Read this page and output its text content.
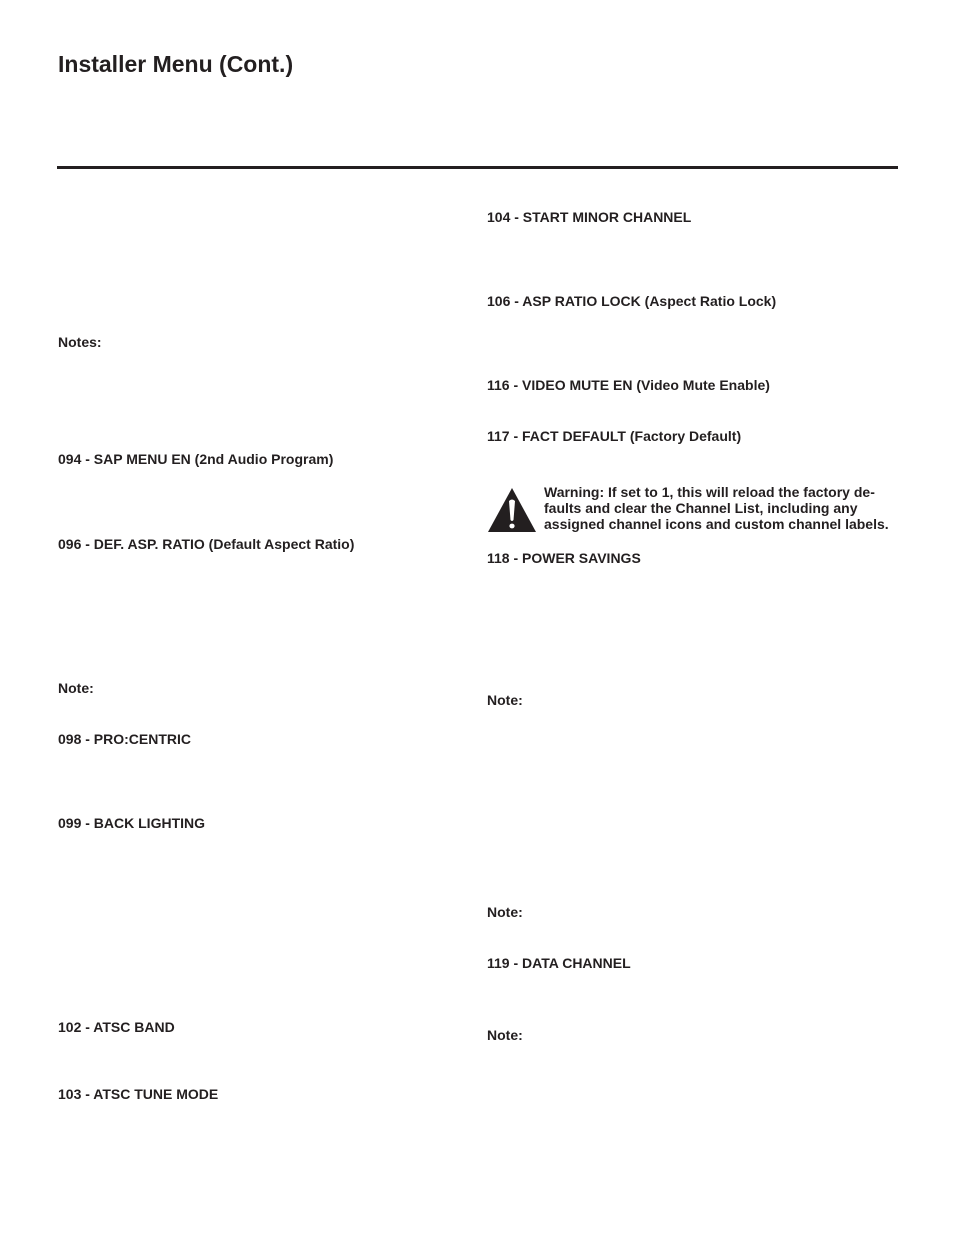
Installer Menu (Cont.)
Notes:
094 - SAP MENU EN (2nd Audio Program)
096 - DEF. ASP. RATIO (Default Aspect Ratio)
Note:
098 - PRO:CENTRIC
099 - BACK LIGHTING
102 - ATSC BAND
103 - ATSC TUNE MODE
104 - START MINOR CHANNEL
106 - ASP RATIO LOCK (Aspect Ratio Lock)
116 - VIDEO MUTE EN (Video Mute Enable)
117 - FACT DEFAULT (Factory Default)
Warning: If set to 1, this will reload the factory de-faults and clear the Channel List, including any assigned channel icons and custom channel labels.
118 - POWER SAVINGS
Note:
Note:
119 - DATA CHANNEL
Note:
